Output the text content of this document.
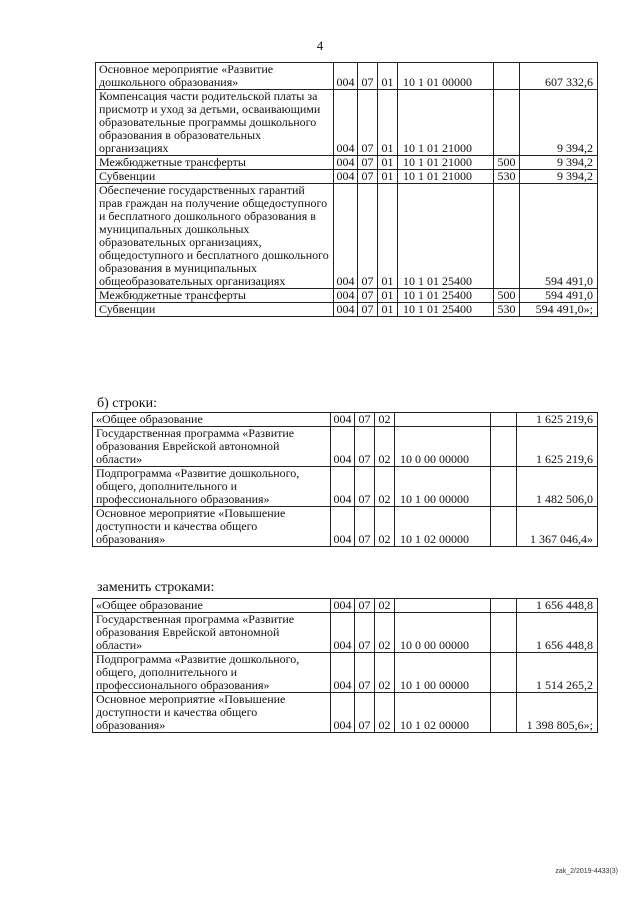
4
Основное мероприятие «Развитие дошкольного образования»	004	07	01	10 1 01 00000		607 332,6
Компенсация части родительской платы за присмотр и уход за детьми, осваивающими образовательные программы дошкольного образования в образовательных организациях	004	07	01	10 1 01 21000		9 394,2
Межбюджетные трансферты	004	07	01	10 1 01 21000	500	9 394,2
Субвенции	004	07	01	10 1 01 21000	530	9 394,2
Обеспечение государственных гарантий прав граждан на получение общедоступного и бесплатного дошкольного образования в муниципальных дошкольных образовательных организациях, общедоступного и бесплатного дошкольного образования в муниципальных общеобразовательных организациях	004	07	01	10 1 01 25400		594 491,0
Межбюджетные трансферты	004	07	01	10 1 01 25400	500	594 491,0
Субвенции	004	07	01	10 1 01 25400	530	594 491,0»;
б) строки:
«Общее образование	004	07	02			1 625 219,6
Государственная программа «Развитие образования Еврейской автономной области»	004	07	02	10 0 00 00000		1 625 219,6
Подпрограмма «Развитие дошкольного, общего, дополнительного и профессионального образования»	004	07	02	10 1 00 00000		1 482 506,0
Основное мероприятие «Повышение доступности и качества общего образования»	004	07	02	10 1 02 00000		1 367 046,4»
заменить строками:
«Общее образование	004	07	02			1 656 448,8
Государственная программа «Развитие образования Еврейской автономной области»	004	07	02	10 0 00 00000		1 656 448,8
Подпрограмма «Развитие дошкольного, общего, дополнительного и профессионального образования»	004	07	02	10 1 00 00000		1 514 265,2
Основное мероприятие «Повышение доступности и качества общего образования»	004	07	02	10 1 02 00000		1 398 805,6»;
zak_2/2019-4433(3)
